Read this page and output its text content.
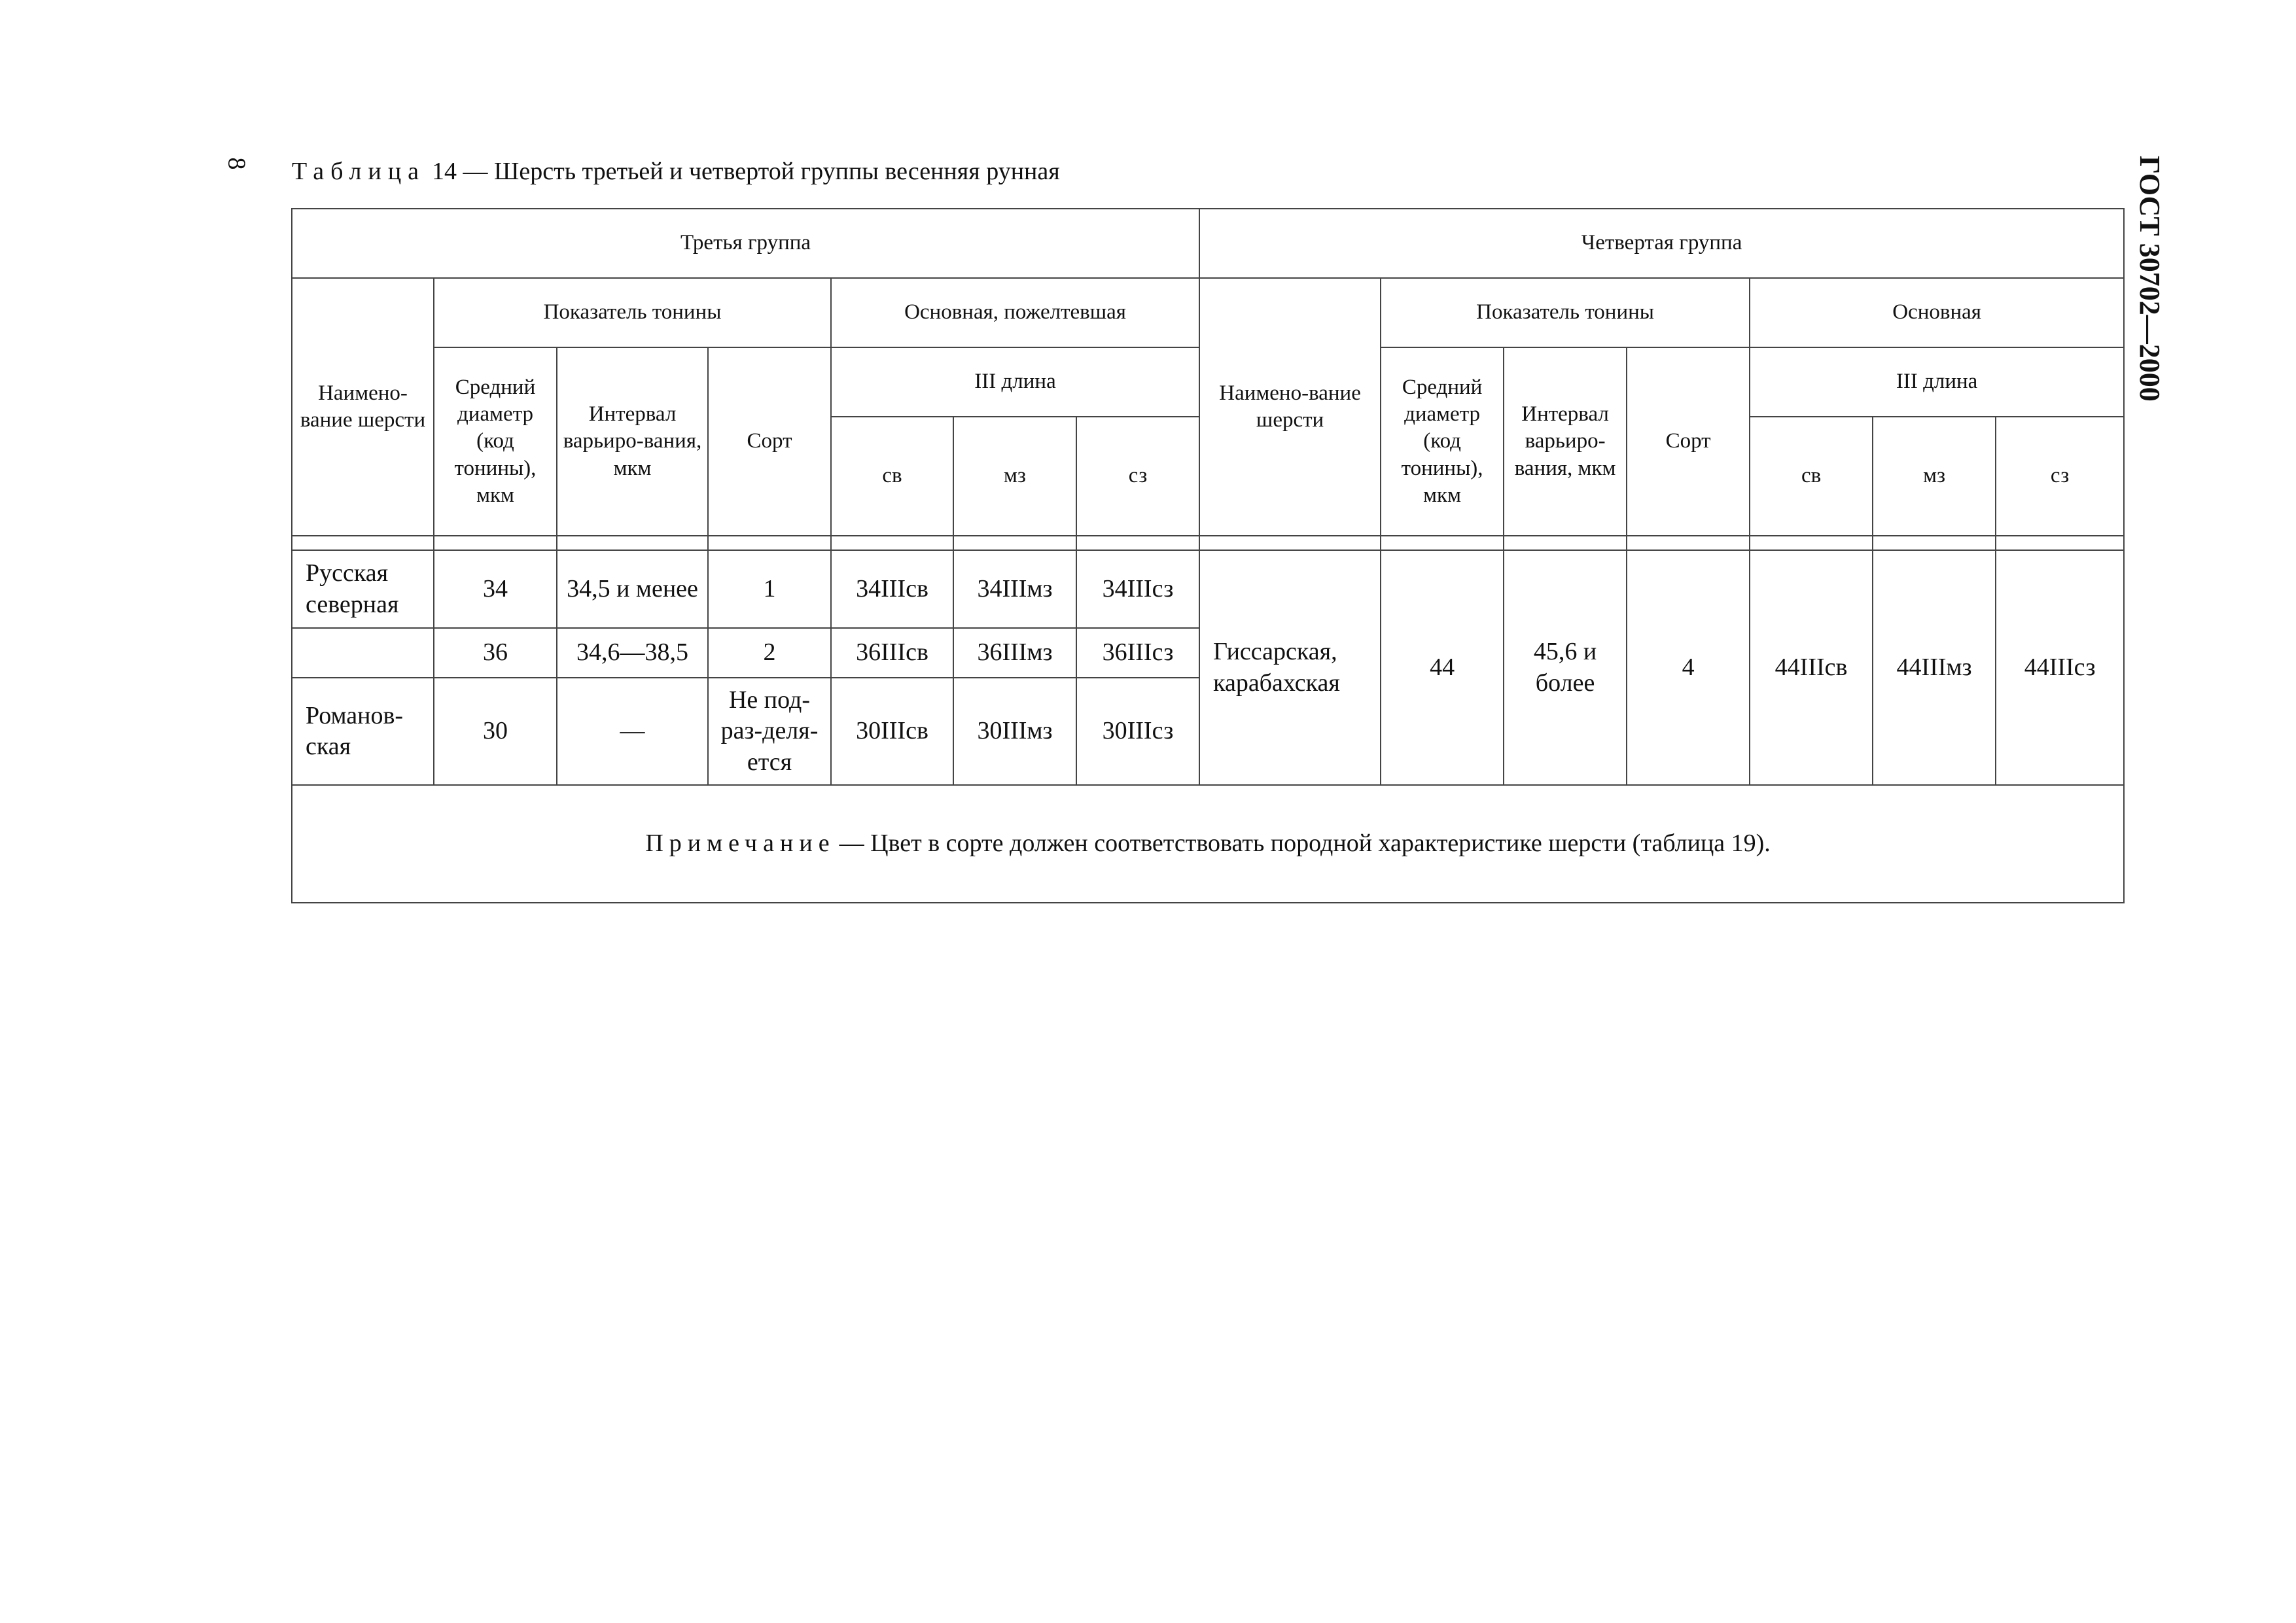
8	ГОСТ 30702—2000
Таблица 14 — Шерсть третьей и четвертой группы весенняя рунная
Третья группа							Четвертая группа						
Наимено-вание шерсти	Показатель тонины			Основная, пожелтевшая			Наимено-вание шерсти	Показатель тонины			Основная		
	Средний диаметр (код тонины), мкм	Интервал варьиро-вания, мкм	Сорт	III длина				Средний диаметр (код тонины), мкм	Интервал варьиро-вания, мкм	Сорт	III длина		
				св	мз	сз					св	мз	сз

Русская северная	34	34,5 и менее	1	34IIIсв	34IIIмз	34IIIсз	Гиссарская, карабахская	44	45,6 и более	4	44IIIсв	44IIIмз	44IIIсз
	36	34,6—38,5	2	36IIIсв	36IIIмз	36IIIсз							
Романов-ская	30	—	Не под-раз-деля-ется	30IIIсв	30IIIмз	30IIIсз							
Примечание — Цвет в сорте должен соответствовать породной характеристике шерсти (таблица 19).													
